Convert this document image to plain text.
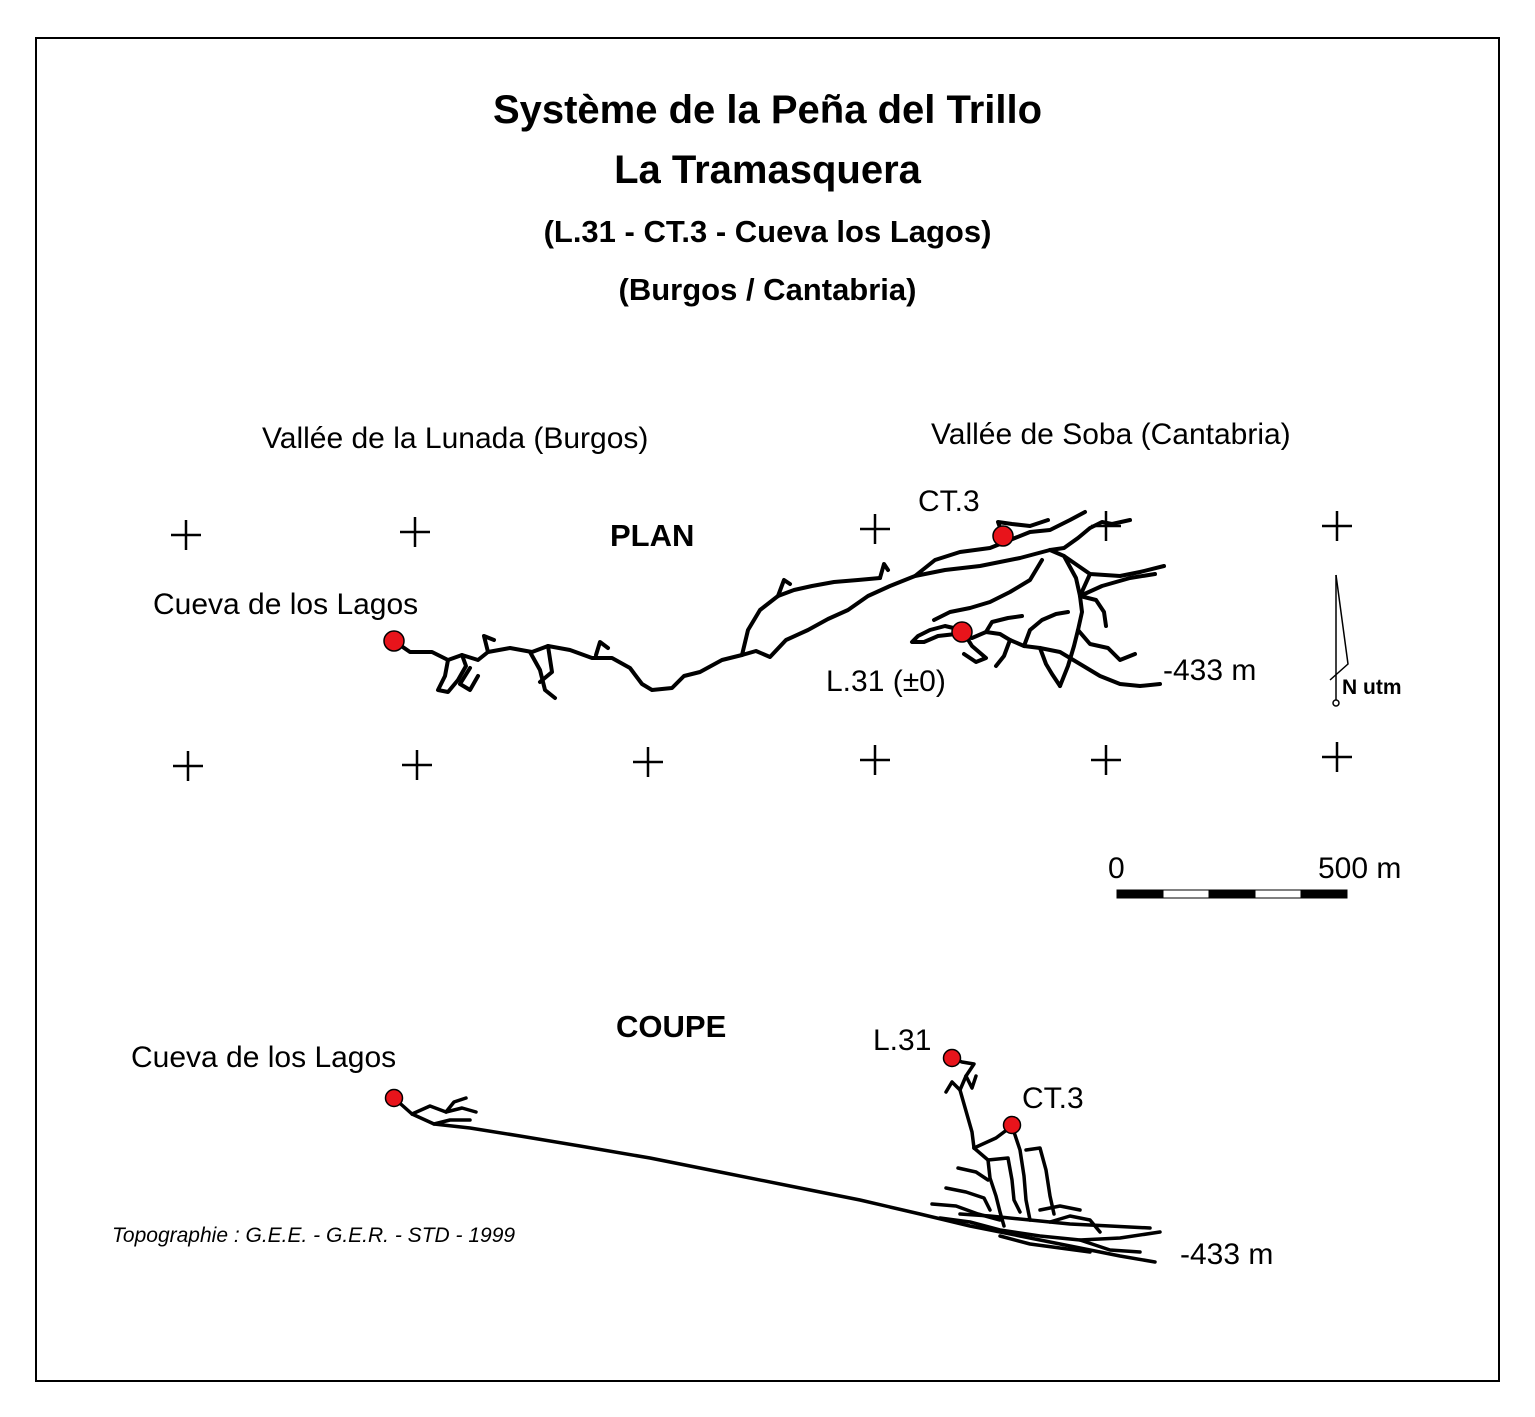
Système de la Peña del Trillo
La Tramasquera
(L.31 - CT.3 - Cueva los Lagos)
(Burgos / Cantabria)
Vallée de la Lunada (Burgos)	Vallée de Soba (Cantabria)
PLAN
Cueva de los Lagos
CT.3
L.31 (±0)	-433 m
N utm
0	500 m
COUPE
Cueva de los Lagos
L.31
CT.3
-433 m
Topographie : G.E.E. - G.E.R. - STD - 1999
